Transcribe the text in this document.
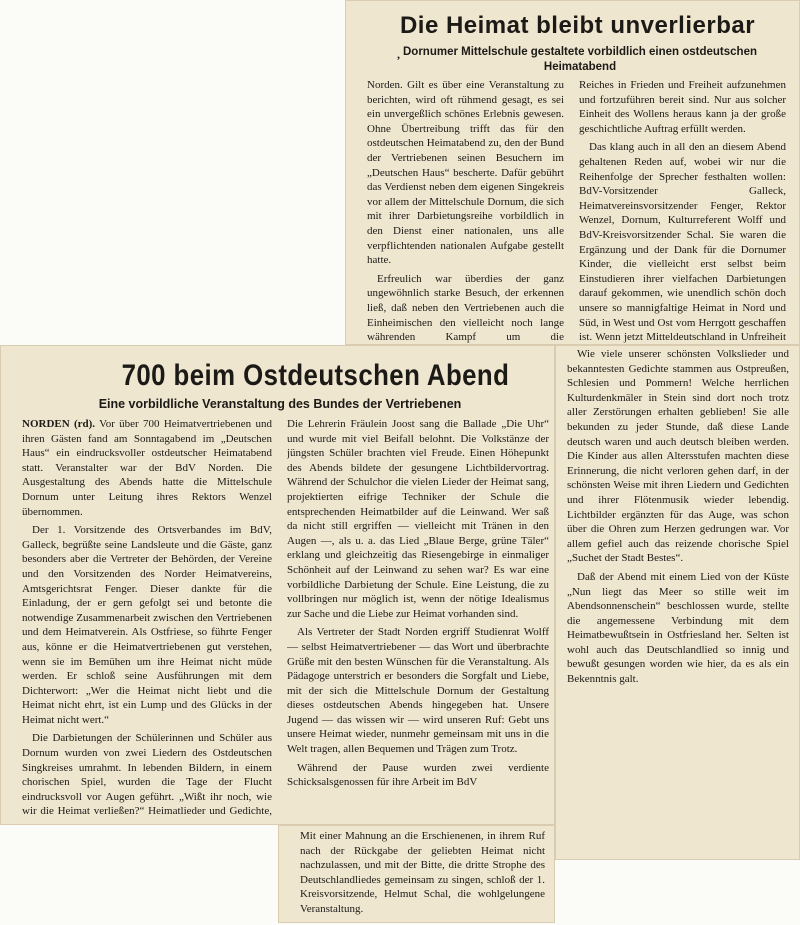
Die Heimat bleibt unverlierbar
, Dornumer Mittelschule gestaltete vorbildlich einen ostdeutschen Heimatabend

Norden. Gilt es über eine Veranstaltung zu berichten, wird oft rühmend gesagt, es sei ein unvergeßlich schönes Erlebnis gewesen. Ohne Übertreibung trifft das für den ostdeutschen Heimatabend zu, den der Bund der Vertriebenen seinen Besuchern im „Deutschen Haus“ bescherte. Dafür gebührt das Verdienst neben dem eigenen Singekreis vor allem der Mittelschule Dornum, die sich mit ihrer Darbietungsreihe vorbildlich in den Dienst einer nationalen, uns alle verpflichtenden nationalen Aufgabe gestellt hatte.

Erfreulich war überdies der ganz ungewöhnlich starke Besuch, der erkennen ließ, daß neben den Vertriebenen auch die Einheimischen den vielleicht noch lange währenden Kampf um die

Reiches in Frieden und Freiheit aufzunehmen und fortzuführen bereit sind. Nur aus solcher Einheit des Wollens heraus kann ja der große geschichtliche Auftrag erfüllt werden.

Das klang auch in all den an diesem Abend gehaltenen Reden auf, wobei wir nur die Reihenfolge der Sprecher festhalten wollen: BdV-Vorsitzender Galleck, Heimatvereinsvorsitzender Fenger, Rektor Wenzel, Dornum, Kulturreferent Wolff und BdV-Kreisvorsitzender Schal. Sie waren die Ergänzung und der Dank für die Dornumer Kinder, die vielleicht erst selbst beim Einstudieren ihrer vielfachen Darbietungen darauf gekommen, wie unendlich schön doch unsere so mannigfaltige Heimat in Nord und Süd, in West und Ost vom Herrgott geschaffen ist. Wenn jetzt Mitteldeutschland in Unfreiheit

Wie viele unserer schönsten Volkslieder und bekanntesten Gedichte stammen aus Ostpreußen, Schlesien und Pommern! Welche herrlichen Kulturdenkmäler in Stein sind dort noch trotz aller Zerstörungen erhalten geblieben! Sie alle bekunden zu jeder Stunde, daß diese Lande deutsch waren und auch deutsch bleiben werden. Die Kinder aus allen Altersstufen machten diese Erinnerung, die nicht verloren gehen darf, in der schönsten Weise mit ihren Liedern und Gedichten und ihrer Flötenmusik wieder lebendig. Lichtbilder ergänzten für das Auge, was schon über die Ohren zum Herzen gedrungen war. Vor allem gefiel auch das reizende chorische Spiel „Suchet der Stadt Bestes“.

Daß der Abend mit einem Lied von der Küste „Nun liegt das Meer so stille weit im Abendsonnenschein“ beschlossen wurde, stellte die angemessene Verbindung mit dem Heimatbewußtsein in Ostfriesland her. Selten ist wohl auch das Deutschlandlied so innig und bewußt gesungen worden wie hier, da es als ein Bekenntnis galt.

700 beim Ostdeutschen Abend
Eine vorbildliche Veranstaltung des Bundes der Vertriebenen

NORDEN (rd). Vor über 700 Heimatvertriebenen und ihren Gästen fand am Sonntagabend im „Deutschen Haus“ ein eindrucksvoller ostdeutscher Heimatabend statt. Veranstalter war der BdV Norden. Die Ausgestaltung des Abends hatte die Mittelschule Dornum unter Leitung ihres Rektors Wenzel übernommen.

Der 1. Vorsitzende des Ortsverbandes im BdV, Galleck, begrüßte seine Landsleute und die Gäste, ganz besonders aber die Vertreter der Behörden, der Vereine und den Vorsitzenden des Norder Heimatvereins, Amtsgerichtsrat Fenger. Dieser dankte für die Einladung, der er gern gefolgt sei und betonte die notwendige Zusammenarbeit zwischen den Vertriebenen und dem Heimatverein. Als Ostfriese, so führte Fenger aus, könne er die Heimatvertriebenen gut verstehen, wenn sie im Bemühen um ihre Heimat nicht müde werden. Er schloß seine Ausführungen mit dem Dichterwort: „Wer die Heimat nicht liebt und die Heimat nicht ehrt, ist ein Lump und des Glücks in der Heimat nicht wert.“

Die Darbietungen der Schülerinnen und Schüler aus Dornum wurden von zwei Liedern des Ostdeutschen Singkreises umrahmt. In lebenden Bildern, in einem chorischen Spiel, wurden die Tage der Flucht eindrucksvoll vor Augen geführt. „Wißt ihr noch, wie wir die Heimat verließen?“ Heimatlieder und Gedichte,

Die Lehrerin Fräulein Joost sang die Ballade „Die Uhr“ und wurde mit viel Beifall belohnt. Die Volkstänze der jüngsten Schüler brachten viel Freude. Einen Höhepunkt des Abends bildete der gesungene Lichtbildervortrag. Während der Schulchor die vielen Lieder der Heimat sang, projektierten eifrige Techniker der Schule die entsprechenden Heimatbilder auf die Leinwand. Wer saß da nicht still ergriffen — vielleicht mit Tränen in den Augen —, als u. a. das Lied „Blaue Berge, grüne Täler“ erklang und gleichzeitig das Riesengebirge in einmaliger Schönheit auf der Leinwand zu sehen war? Es war eine vorbildliche Darbietung der Schule. Eine Leistung, die zu vollbringen nur möglich ist, wenn der nötige Idealismus zur Sache und die Liebe zur Heimat vorhanden sind.

Als Vertreter der Stadt Norden ergriff Studienrat Wolff — selbst Heimatvertriebener — das Wort und überbrachte Grüße mit den besten Wünschen für die Veranstaltung. Als Pädagoge unterstrich er besonders die Sorgfalt und Liebe, mit der sich die Mittelschule Dornum der Gestaltung dieses ostdeutschen Abends hingegeben hat. Unsere Jugend — das wissen wir — wird unseren Ruf: Gebt uns unsere Heimat wieder, nunmehr gemeinsam mit uns in die Welt tragen, allen Bequemen und Trägen zum Trotz.

Während der Pause wurden zwei verdiente Schicksalsgenossen für ihre Arbeit im BdV

Mit einer Mahnung an die Erschienenen, in ihrem Ruf nach der Rückgabe der geliebten Heimat nicht nachzulassen, und mit der Bitte, die dritte Strophe des Deutschlandliedes gemeinsam zu singen, schloß der 1. Kreisvorsitzende, Helmut Schal, die wohlgelungene Veranstaltung.
